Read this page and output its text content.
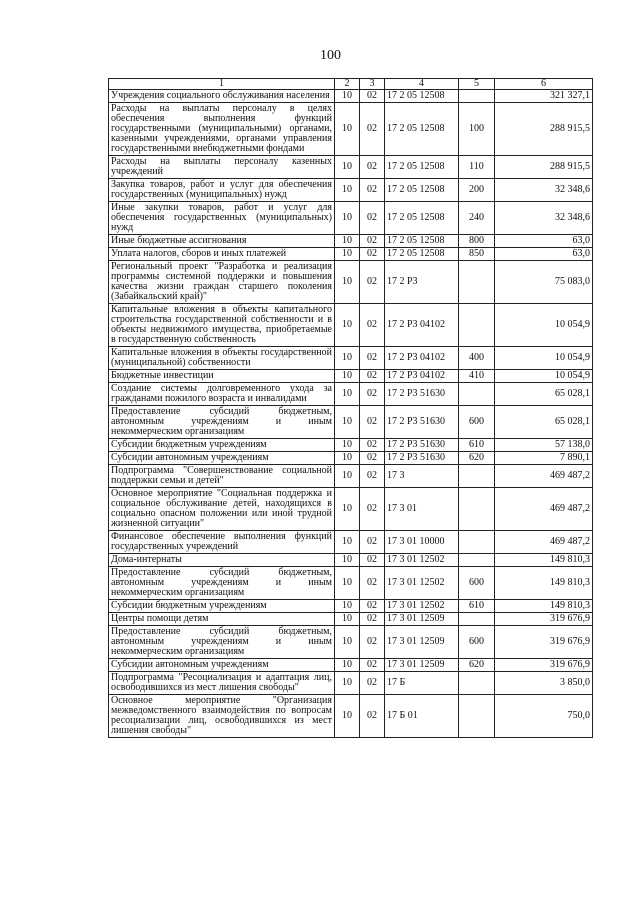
100
1	2	3	4	5	6
Учреждения социального обслуживания населения	10	02	17 2 05 12508		321 327,1
Расходы на выплаты персоналу в целях обеспечения выполнения функций государственными (муниципальными) органами, казенными учреждениями, органами управления государственными внебюджетными фондами	10	02	17 2 05 12508	100	288 915,5
Расходы на выплаты персоналу казенных учреждений	10	02	17 2 05 12508	110	288 915,5
Закупка товаров, работ и услуг для обеспечения государственных (муниципальных) нужд	10	02	17 2 05 12508	200	32 348,6
Иные закупки товаров, работ и услуг для обеспечения государственных (муниципальных) нужд	10	02	17 2 05 12508	240	32 348,6
Иные бюджетные ассигнования	10	02	17 2 05 12508	800	63,0
Уплата налогов, сборов и иных платежей	10	02	17 2 05 12508	850	63,0
Региональный проект "Разработка и реализация программы системной поддержки и повышения качества жизни граждан старшего поколения (Забайкальский край)"	10	02	17 2 P3		75 083,0
Капитальные вложения в объекты капитального строительства государственной собственности и в объекты недвижимого имущества, приобретаемые в государственную собственность	10	02	17 2 P3 04102		10 054,9
Капитальные вложения в объекты государственной (муниципальной) собственности	10	02	17 2 P3 04102	400	10 054,9
Бюджетные инвестиции	10	02	17 2 P3 04102	410	10 054,9
Создание системы долговременного ухода за гражданами пожилого возраста и инвалидами	10	02	17 2 P3 51630		65 028,1
Предоставление субсидий бюджетным, автономным учреждениям и иным некоммерческим организациям	10	02	17 2 P3 51630	600	65 028,1
Субсидии бюджетным учреждениям	10	02	17 2 P3 51630	610	57 138,0
Субсидии автономным учреждениям	10	02	17 2 P3 51630	620	7 890,1
Подпрограмма "Совершенствование социальной поддержки семьи и детей"	10	02	17 3		469 487,2
Основное мероприятие "Социальная поддержка и социальное обслуживание детей, находящихся в социально опасном положении или иной трудной жизненной ситуации"	10	02	17 3 01		469 487,2
Финансовое обеспечение выполнения функций государственных учреждений	10	02	17 3 01 10000		469 487,2
Дома-интернаты	10	02	17 3 01 12502		149 810,3
Предоставление субсидий бюджетным, автономным учреждениям и иным некоммерческим организациям	10	02	17 3 01 12502	600	149 810,3
Субсидии бюджетным учреждениям	10	02	17 3 01 12502	610	149 810,3
Центры помощи детям	10	02	17 3 01 12509		319 676,9
Предоставление субсидий бюджетным, автономным учреждениям и иным некоммерческим организациям	10	02	17 3 01 12509	600	319 676,9
Субсидии автономным учреждениям	10	02	17 3 01 12509	620	319 676,9
Подпрограмма "Ресоциализация и адаптация лиц, освободившихся из мест лишения свободы"	10	02	17 Б		3 850,0
Основное мероприятие "Организация межведомственного взаимодействия по вопросам ресоциализации лиц, освободившихся из мест лишения свободы"	10	02	17 Б 01		750,0
